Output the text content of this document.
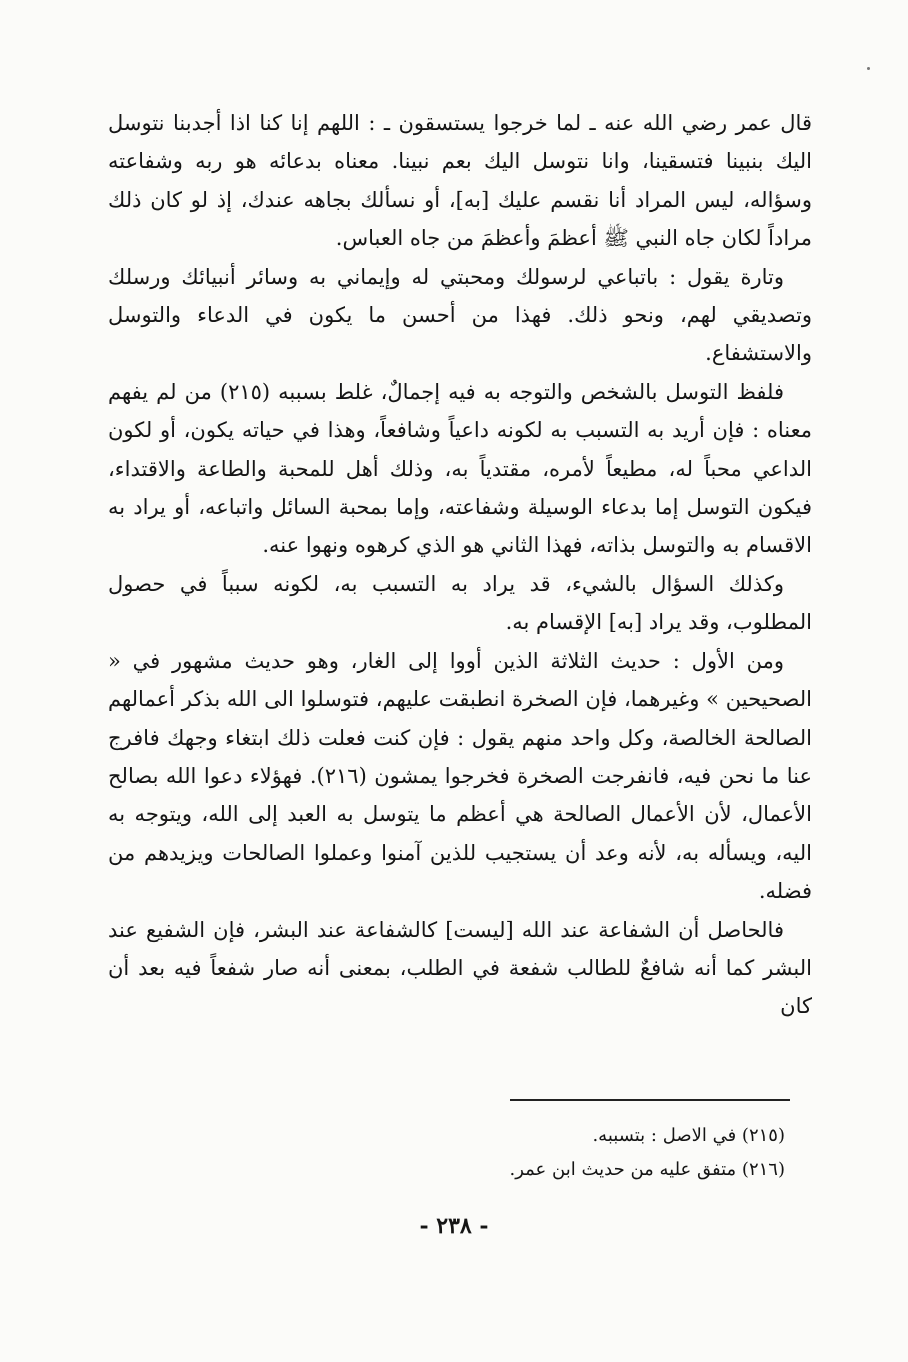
قال عمر رضي الله عنه ـ لما خرجوا يستسقون ـ : اللهم إنا كنا اذا أجدبنا نتوسل اليك بنبينا فتسقينا، وانا نتوسل اليك بعم نبينا. معناه بدعائه هو ربه وشفاعته وسؤاله، ليس المراد أنا نقسم عليك [به]، أو نسألك بجاهه عندك، إذ لو كان ذلك مراداً لكان جاه النبي ﷺ أعظمَ وأعظمَ من جاه العباس.

وتارة يقول : باتباعي لرسولك ومحبتي له وإيماني به وسائر أنبيائك ورسلك وتصديقي لهم، ونحو ذلك. فهذا من أحسن ما يكون في الدعاء والتوسل والاستشفاع.

فلفظ التوسل بالشخص والتوجه به فيه إجمالٌ، غلط بسببه (٢١٥) من لم يفهم معناه : فإن أريد به التسبب به لكونه داعياً وشافعاً، وهذا في حياته يكون، أو لكون الداعي محباً له، مطيعاً لأمره، مقتدياً به، وذلك أهل للمحبة والطاعة والاقتداء، فيكون التوسل إما بدعاء الوسيلة وشفاعته، وإما بمحبة السائل واتباعه، أو يراد به الاقسام به والتوسل بذاته، فهذا الثاني هو الذي كرهوه ونهوا عنه.

وكذلك السؤال بالشيء، قد يراد به التسبب به، لكونه سبباً في حصول المطلوب، وقد يراد [به] الإقسام به.

ومن الأول : حديث الثلاثة الذين أووا إلى الغار، وهو حديث مشهور في « الصحيحين » وغيرهما، فإن الصخرة انطبقت عليهم، فتوسلوا الى الله بذكر أعمالهم الصالحة الخالصة، وكل واحد منهم يقول : فإن كنت فعلت ذلك ابتغاء وجهك فافرج عنا ما نحن فيه، فانفرجت الصخرة فخرجوا يمشون (٢١٦). فهؤلاء دعوا الله بصالح الأعمال، لأن الأعمال الصالحة هي أعظم ما يتوسل به العبد إلى الله، ويتوجه به اليه، ويسأله به، لأنه وعد أن يستجيب للذين آمنوا وعملوا الصالحات ويزيدهم من فضله.

فالحاصل أن الشفاعة عند الله [ليست] كالشفاعة عند البشر، فإن الشفيع عند البشر كما أنه شافعٌ للطالب شفعة في الطلب، بمعنى أنه صار شفعاً فيه بعد أن كان

(٢١٥) في الاصل : بتسببه.

(٢١٦) متفق عليه من حديث ابن عمر.

- ٢٣٨ -
